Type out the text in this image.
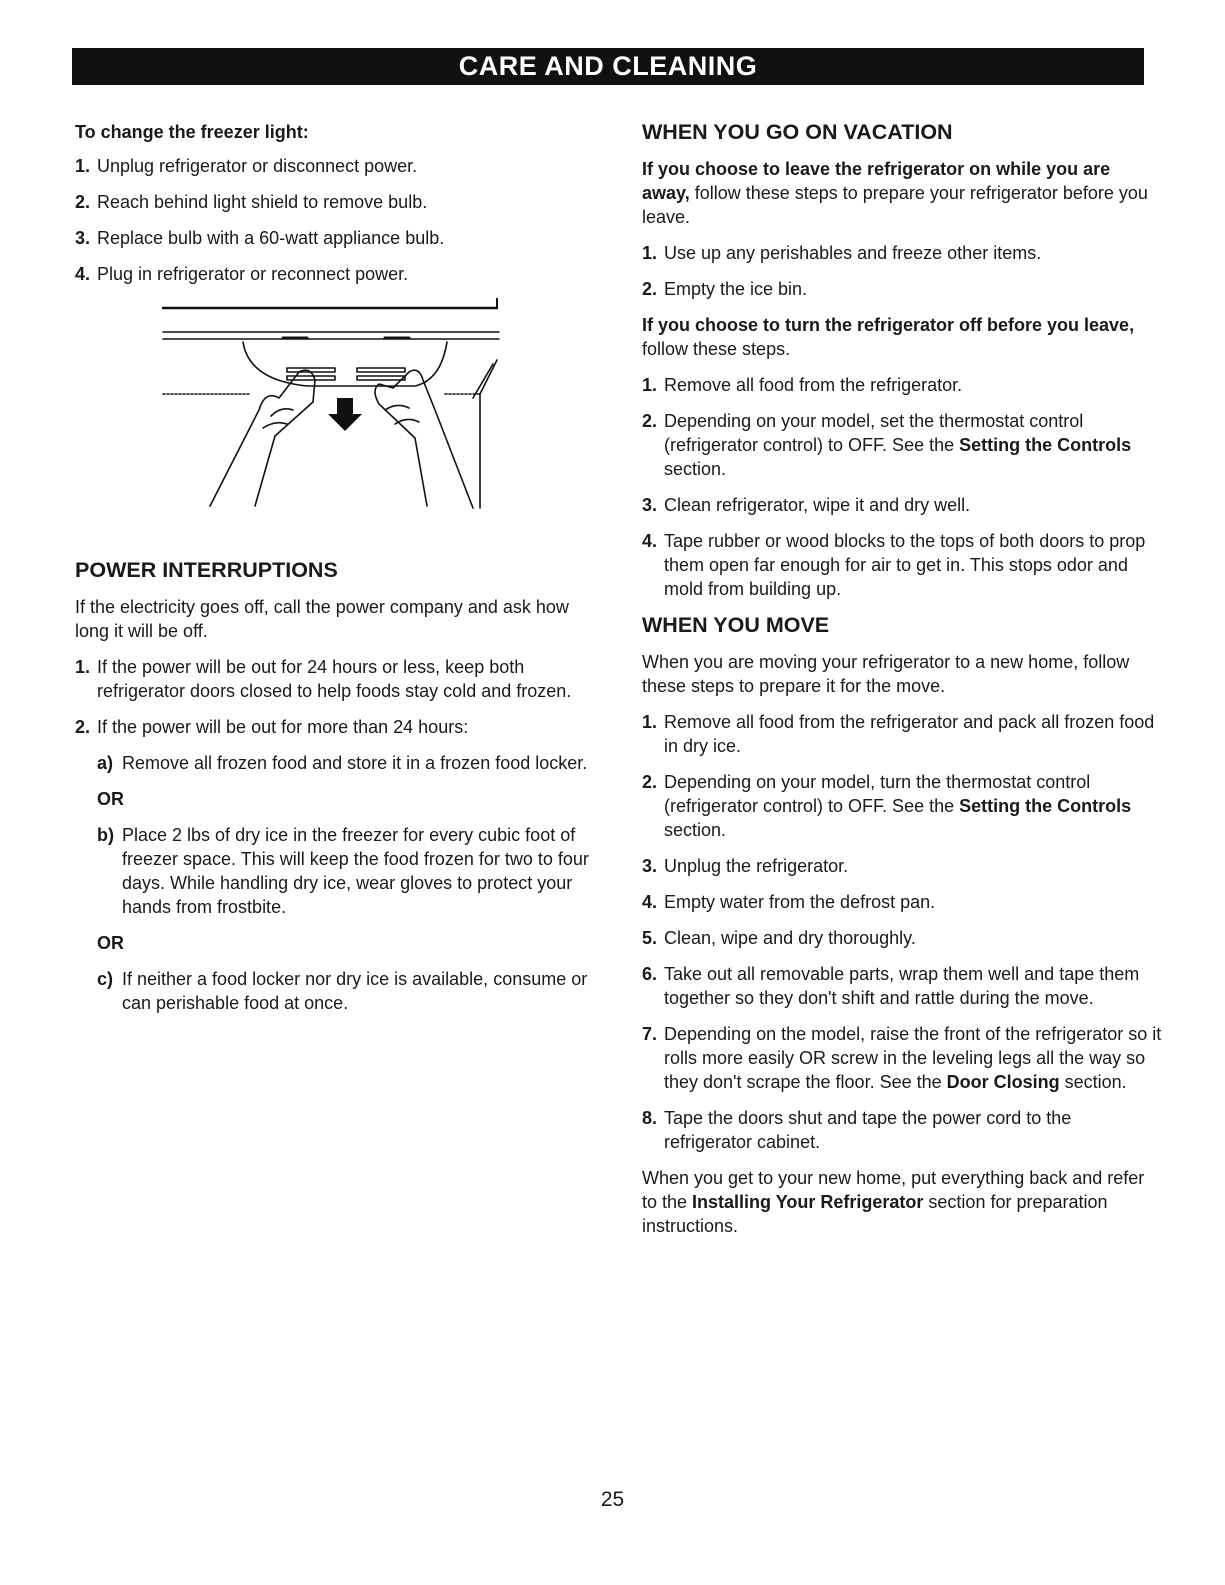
CARE AND CLEANING
To change the freezer light:
1. Unplug refrigerator or disconnect power.
2. Reach behind light shield to remove bulb.
3. Replace bulb with a 60-watt appliance bulb.
4. Plug in refrigerator or reconnect power.
POWER INTERRUPTIONS
If the electricity goes off, call the power company and ask how long it will be off.
1. If the power will be out for 24 hours or less, keep both refrigerator doors closed to help foods stay cold and frozen.
2. If the power will be out for more than 24 hours:
a) Remove all frozen food and store it in a frozen food locker.
OR
b) Place 2 lbs of dry ice in the freezer for every cubic foot of freezer space. This will keep the food frozen for two to four days. While handling dry ice, wear gloves to protect your hands from frostbite.
OR
c) If neither a food locker nor dry ice is available, consume or can perishable food at once.
WHEN YOU GO ON VACATION
If you choose to leave the refrigerator on while you are away, follow these steps to prepare your refrigerator before you leave.
1. Use up any perishables and freeze other items.
2. Empty the ice bin.
If you choose to turn the refrigerator off before you leave, follow these steps.
1. Remove all food from the refrigerator.
2. Depending on your model, set the thermostat control (refrigerator control) to OFF. See the Setting the Controls section.
3. Clean refrigerator, wipe it and dry well.
4. Tape rubber or wood blocks to the tops of both doors to prop them open far enough for air to get in. This stops odor and mold from building up.
WHEN YOU MOVE
When you are moving your refrigerator to a new home, follow these steps to prepare it for the move.
1. Remove all food from the refrigerator and pack all frozen food in dry ice.
2. Depending on your model, turn the thermostat control (refrigerator control) to OFF. See the Setting the Controls section.
3. Unplug the refrigerator.
4. Empty water from the defrost pan.
5. Clean, wipe and dry thoroughly.
6. Take out all removable parts, wrap them well and tape them together so they don't shift and rattle during the move.
7. Depending on the model, raise the front of the refrigerator so it rolls more easily OR screw in the leveling legs all the way so they don't scrape the floor. See the Door Closing section.
8. Tape the doors shut and tape the power cord to the refrigerator cabinet.
When you get to your new home, put everything back and refer to the Installing Your Refrigerator section for preparation instructions.
25
